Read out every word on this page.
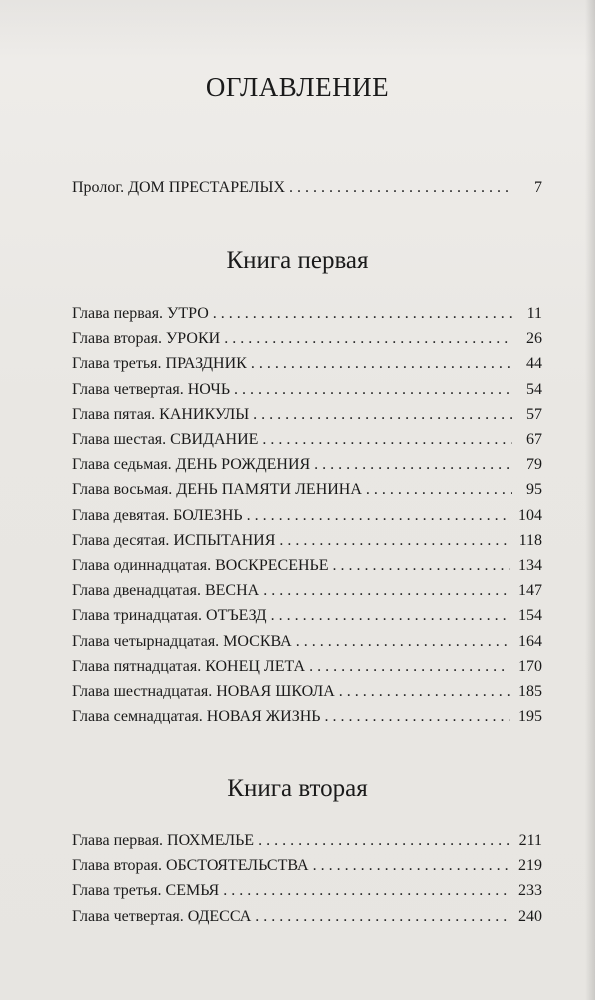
ОГЛАВЛЕНИЕ
Пролог. ДОМ ПРЕСТАРЕЛЫХ . . .	7
Книга первая
Глава первая. УТРО . . .	11
Глава вторая. УРОКИ . . .	26
Глава третья. ПРАЗДНИК . . .	44
Глава четвертая. НОЧЬ . . .	54
Глава пятая. КАНИКУЛЫ . . .	57
Глава шестая. СВИДАНИЕ . . .	67
Глава седьмая. ДЕНЬ РОЖДЕНИЯ . . .	79
Глава восьмая. ДЕНЬ ПАМЯТИ ЛЕНИНА . . .	95
Глава девятая. БОЛЕЗНЬ . . .	104
Глава десятая. ИСПЫТАНИЯ . . .	118
Глава одиннадцатая. ВОСКРЕСЕНЬЕ . . .	134
Глава двенадцатая. ВЕСНА . . .	147
Глава тринадцатая. ОТЪЕЗД . . .	154
Глава четырнадцатая. МОСКВА . . .	164
Глава пятнадцатая. КОНЕЦ ЛЕТА . . .	170
Глава шестнадцатая. НОВАЯ ШКОЛА . . .	185
Глава семнадцатая. НОВАЯ ЖИЗНЬ . . .	195
Книга вторая
Глава первая. ПОХМЕЛЬЕ . . .	211
Глава вторая. ОБСТОЯТЕЛЬСТВА . . .	219
Глава третья. СЕМЬЯ . . .	233
Глава четвертая. ОДЕССА . . .	240
